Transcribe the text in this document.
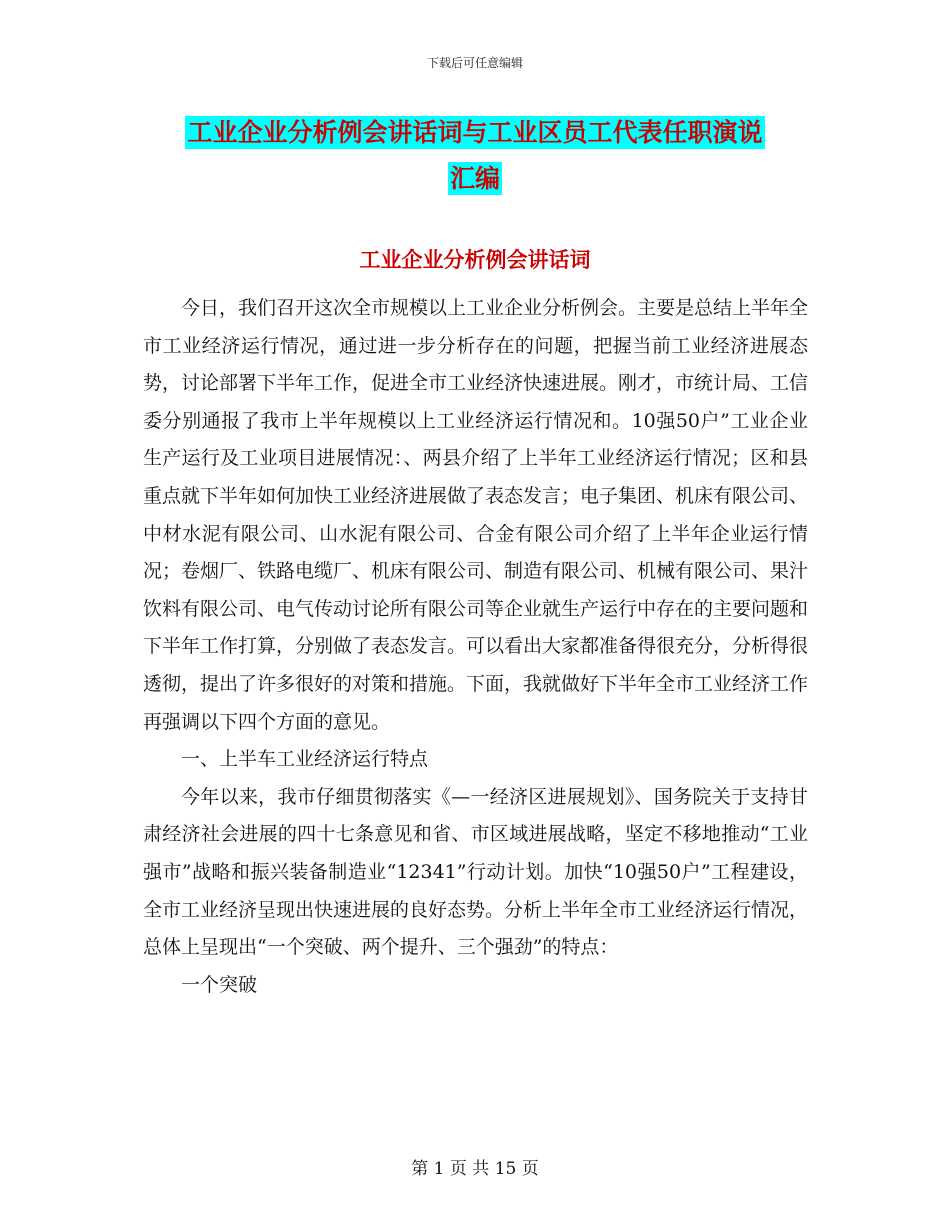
下载后可任意编辑
工业企业分析例会讲话词与工业区员工代表任职演说
汇编
工业企业分析例会讲话词

今日，我们召开这次全市规模以上工业企业分析例会。主要是总结上半年全市工业经济运行情况，通过进一步分析存在的问题，把握当前工业经济进展态势，讨论部署下半年工作，促进全市工业经济快速进展。刚才，市统计局、工信委分别通报了我市上半年规模以上工业经济运行情况和。10强50户”工业企业生产运行及工业项目进展情况：、两县介绍了上半年工业经济运行情况；区和县重点就下半年如何加快工业经济进展做了表态发言；电子集团、机床有限公司、中材水泥有限公司、山水泥有限公司、合金有限公司介绍了上半年企业运行情况；卷烟厂、铁路电缆厂、机床有限公司、制造有限公司、机械有限公司、果汁饮料有限公司、电气传动讨论所有限公司等企业就生产运行中存在的主要问题和下半年工作打算，分别做了表态发言。可以看出大家都准备得很充分，分析得很透彻，提出了许多很好的对策和措施。下面，我就做好下半年全市工业经济工作再强调以下四个方面的意见。

一、上半车工业经济运行特点

今年以来，我市仔细贯彻落实《—一经济区进展规划》、国务院关于支持甘肃经济社会进展的四十七条意见和省、市区域进展战略，坚定不移地推动“工业强市”战略和振兴装备制造业“12341”行动计划。加快“10强50户”工程建设，全市工业经济呈现出快速进展的良好态势。分析上半年全市工业经济运行情况，总体上呈现出“一个突破、两个提升、三个强劲”的特点：

一个突破

第 1 页 共 15 页
